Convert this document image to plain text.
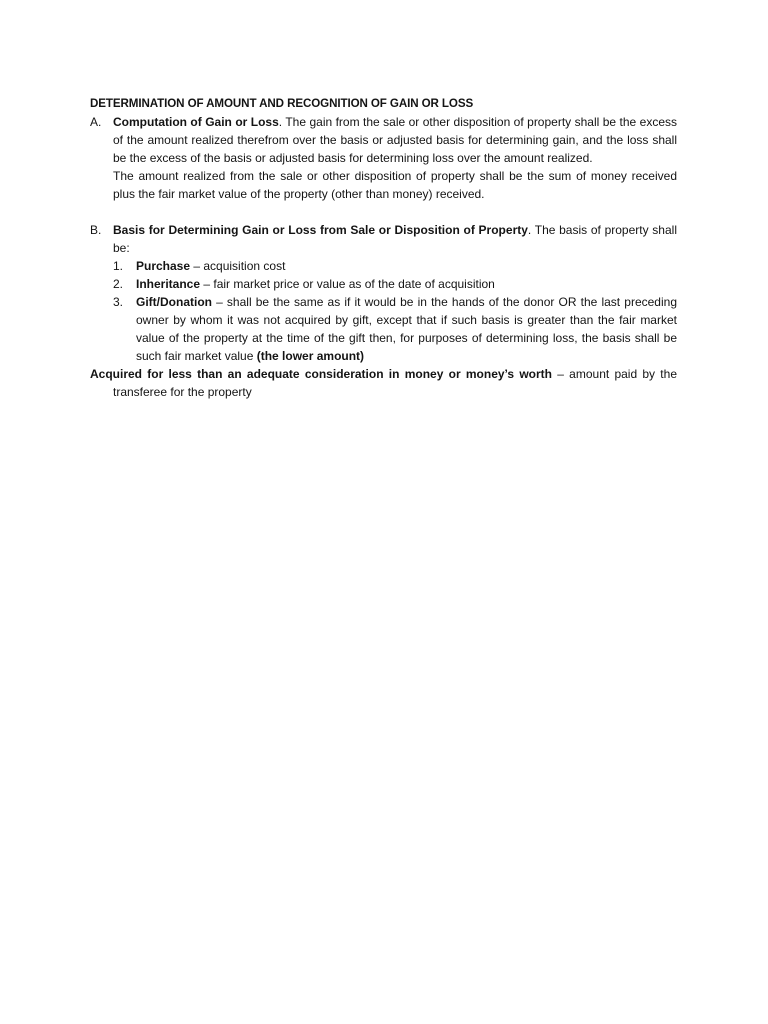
DETERMINATION OF AMOUNT AND RECOGNITION OF GAIN OR LOSS

A. Computation of Gain or Loss. The gain from the sale or other disposition of property shall be the excess of the amount realized therefrom over the basis or adjusted basis for determining gain, and the loss shall be the excess of the basis or adjusted basis for determining loss over the amount realized.

The amount realized from the sale or other disposition of property shall be the sum of money received plus the fair market value of the property (other than money) received.

B. Basis for Determining Gain or Loss from Sale or Disposition of Property. The basis of property shall be:

1. Purchase – acquisition cost
2. Inheritance – fair market price or value as of the date of acquisition
3. Gift/Donation – shall be the same as if it would be in the hands of the donor OR the last preceding owner by whom it was not acquired by gift, except that if such basis is greater than the fair market value of the property at the time of the gift then, for purposes of determining loss, the basis shall be such fair market value (the lower amount)

Acquired for less than an adequate consideration in money or money’s worth – amount paid by the transferee for the property
